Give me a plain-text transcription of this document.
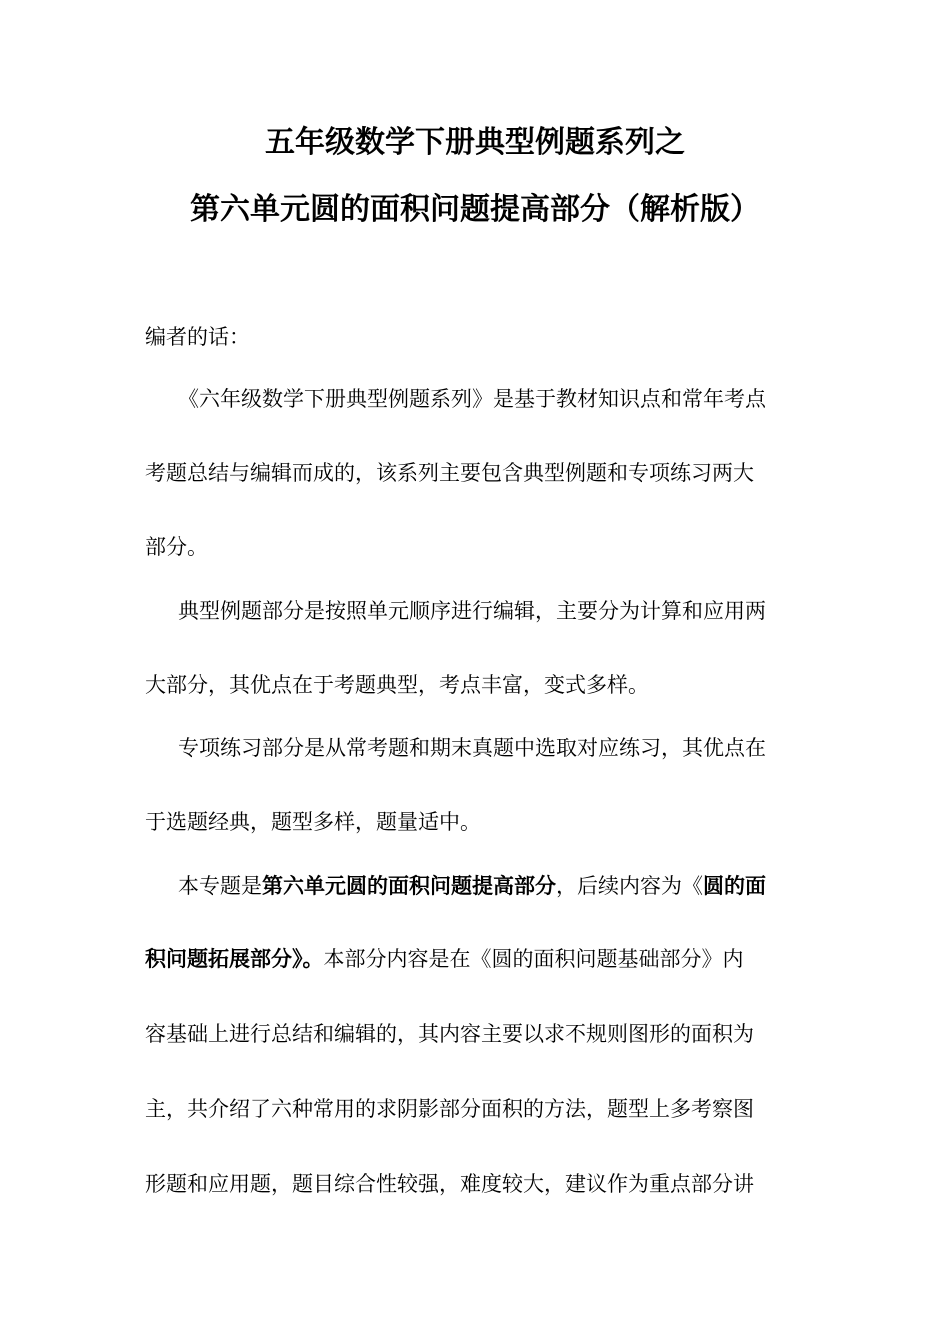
五年级数学下册典型例题系列之
第六单元圆的面积问题提高部分（解析版）
编者的话：
《六年级数学下册典型例题系列》是基于教材知识点和常年考点
考题总结与编辑而成的，该系列主要包含典型例题和专项练习两大
部分。
典型例题部分是按照单元顺序进行编辑，主要分为计算和应用两
大部分，其优点在于考题典型，考点丰富，变式多样。
专项练习部分是从常考题和期末真题中选取对应练习，其优点在
于选题经典，题型多样，题量适中。
本专题是第六单元圆的面积问题提高部分，后续内容为《圆的面
积问题拓展部分》。本部分内容是在《圆的面积问题基础部分》内
容基础上进行总结和编辑的，其内容主要以求不规则图形的面积为
主，共介绍了六种常用的求阴影部分面积的方法，题型上多考察图
形题和应用题，题目综合性较强，难度较大，建议作为重点部分讲
